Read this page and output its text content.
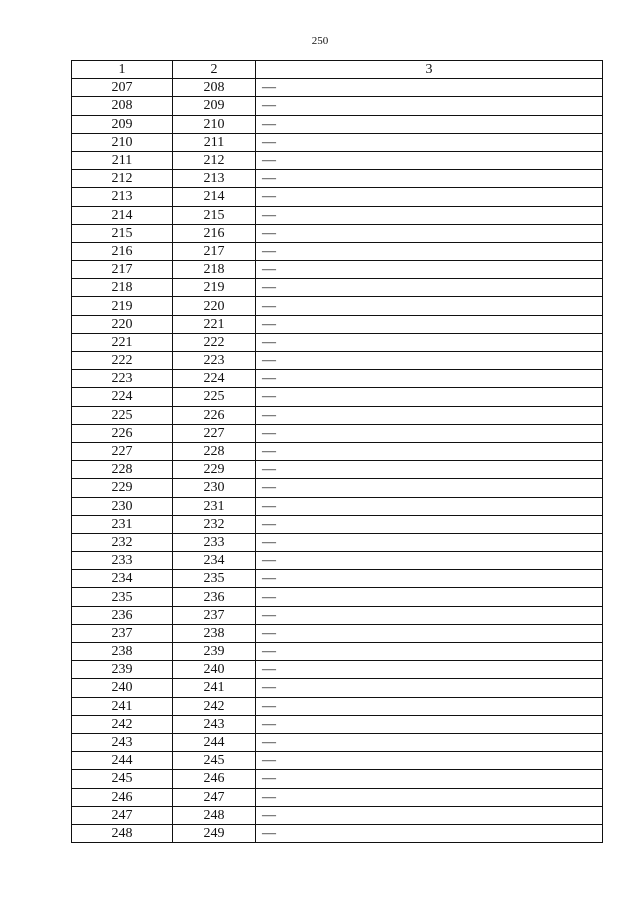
250
1	2	3
207	208	—
208	209	—
209	210	—
210	211	—
211	212	—
212	213	—
213	214	—
214	215	—
215	216	—
216	217	—
217	218	—
218	219	—
219	220	—
220	221	—
221	222	—
222	223	—
223	224	—
224	225	—
225	226	—
226	227	—
227	228	—
228	229	—
229	230	—
230	231	—
231	232	—
232	233	—
233	234	—
234	235	—
235	236	—
236	237	—
237	238	—
238	239	—
239	240	—
240	241	—
241	242	—
242	243	—
243	244	—
244	245	—
245	246	—
246	247	—
247	248	—
248	249	—
